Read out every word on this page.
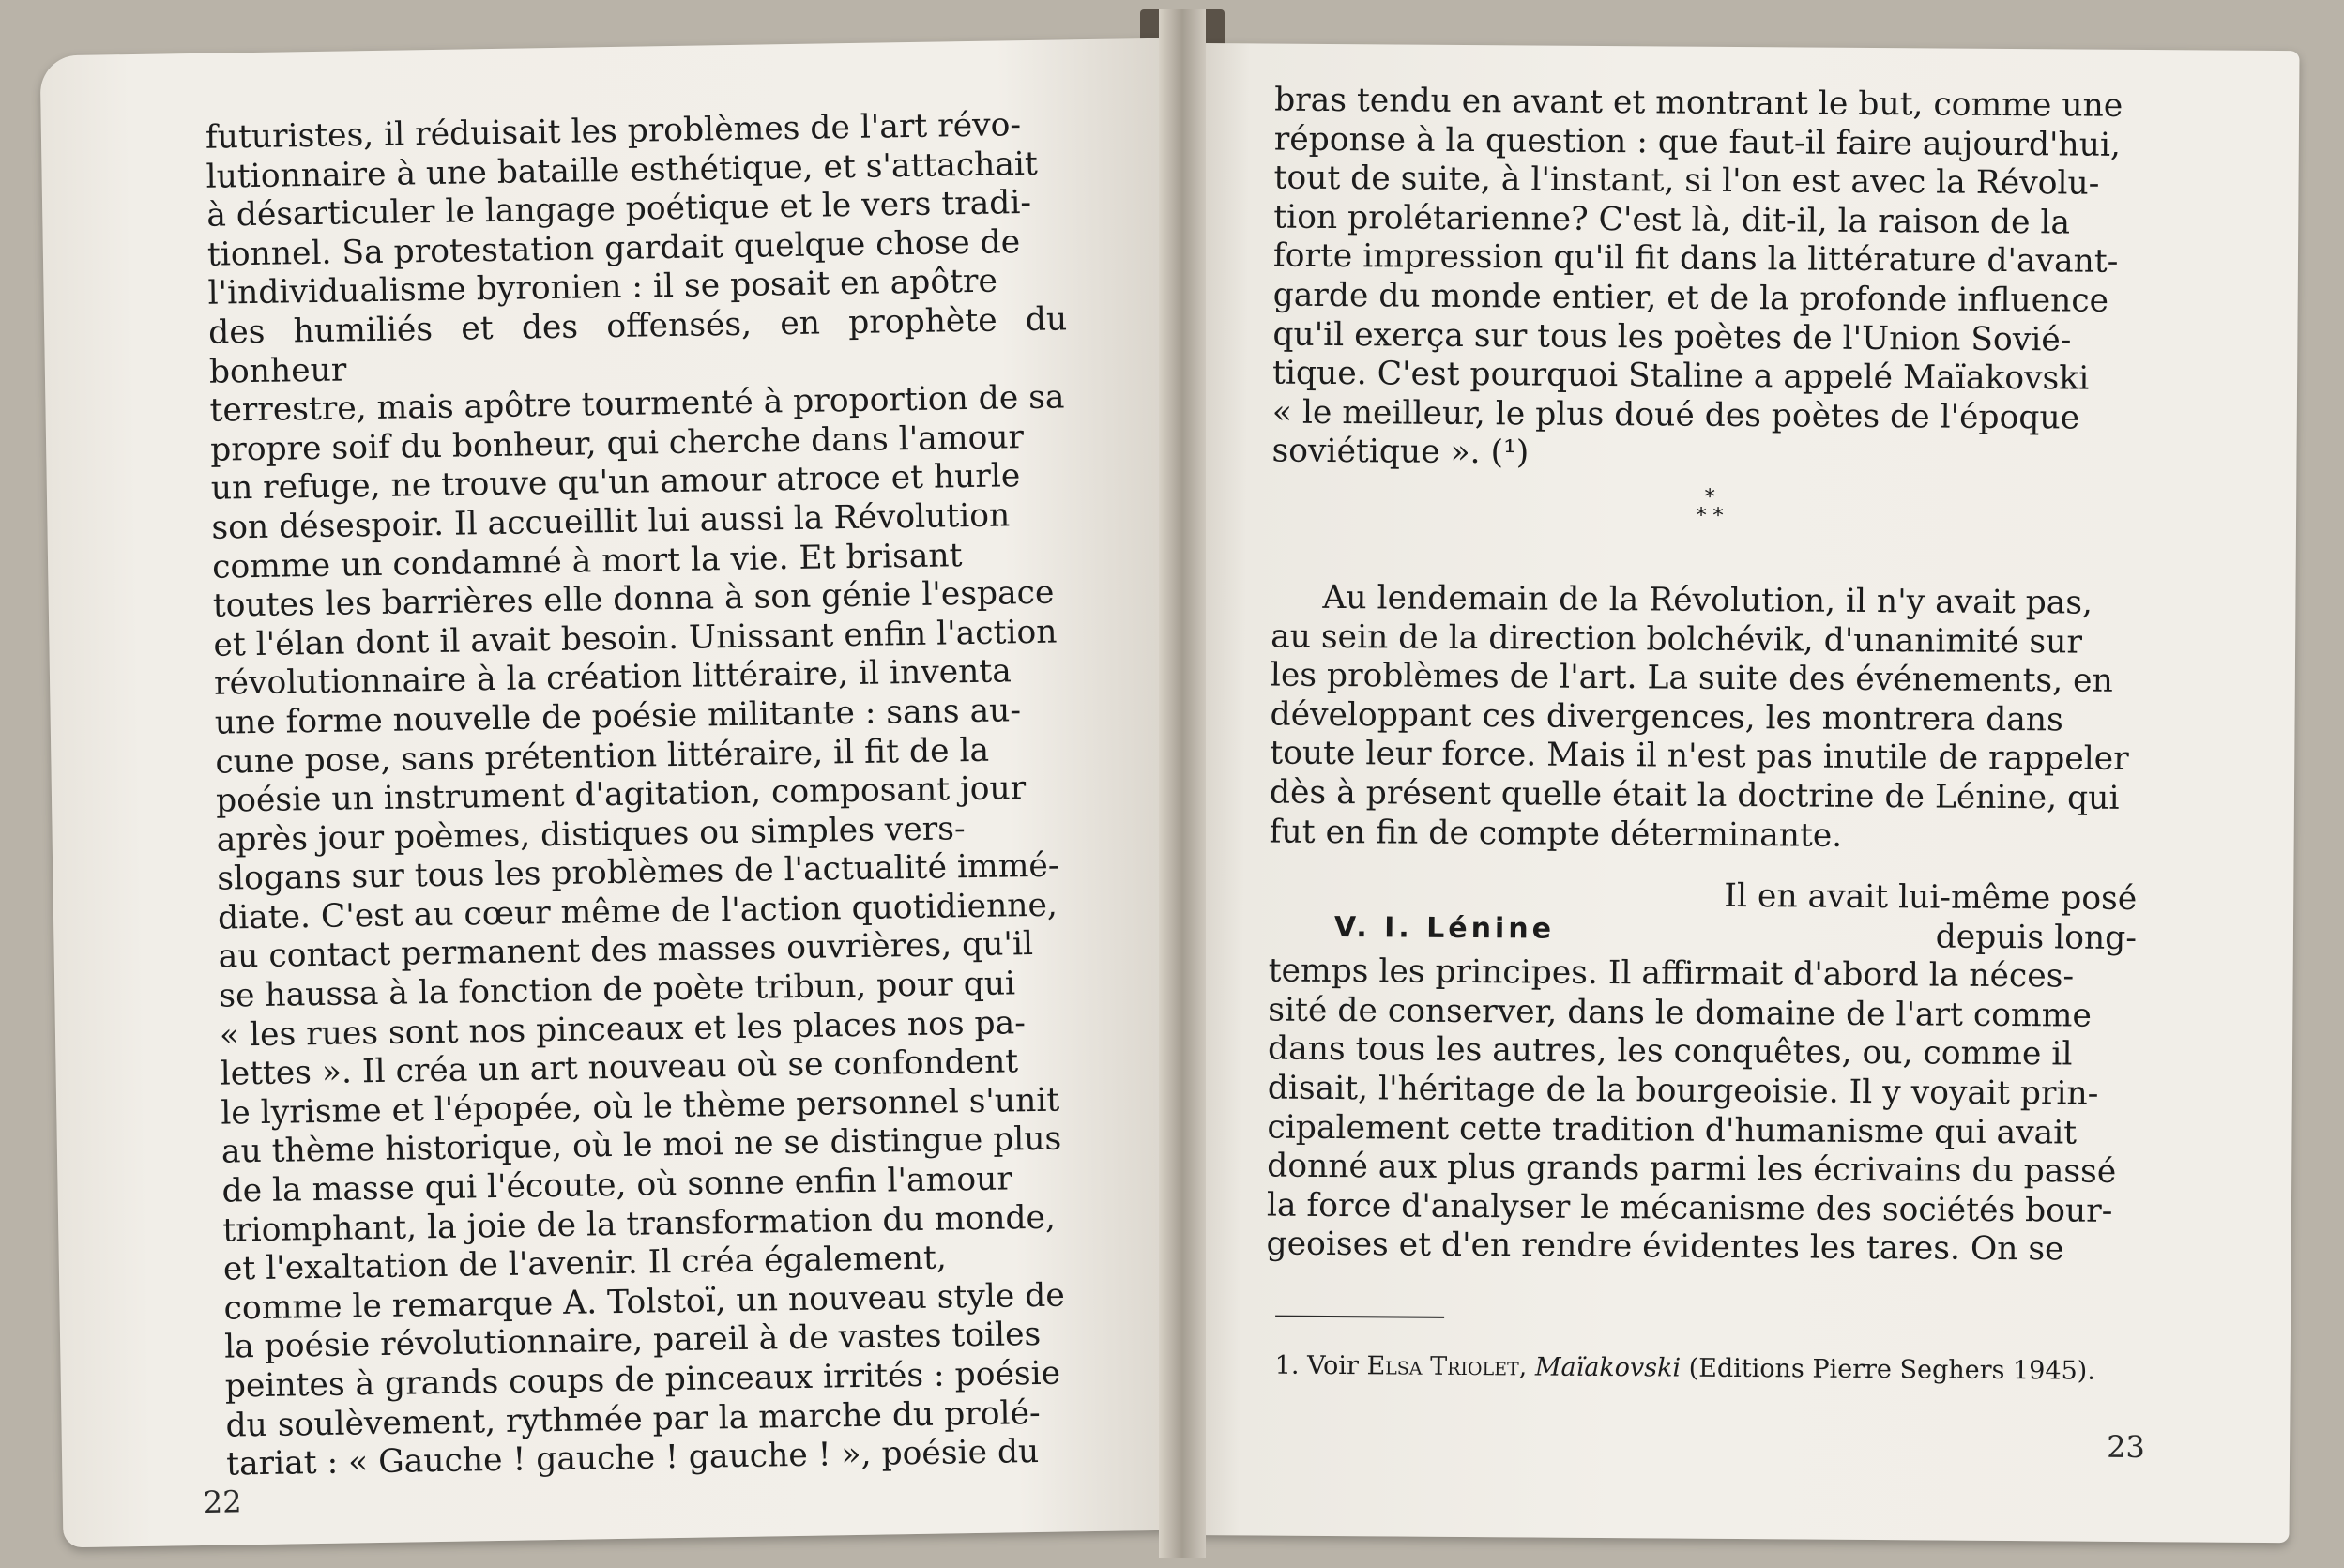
futuristes, il réduisait les problèmes de l'art révo-

lutionnaire à une bataille esthétique, et s'attachait

à désarticuler le langage poétique et le vers tradi-

tionnel. Sa protestation gardait quelque chose de

l'individualisme byronien : il se posait en apôtre

des humiliés et des offensés, en prophète du bonheur

terrestre, mais apôtre tourmenté à proportion de sa

propre soif du bonheur, qui cherche dans l'amour

un refuge, ne trouve qu'un amour atroce et hurle

son désespoir. Il accueillit lui aussi la Révolution

comme un condamné à mort la vie. Et brisant

toutes les barrières elle donna à son génie l'espace

et l'élan dont il avait besoin. Unissant enfin l'action

révolutionnaire à la création littéraire, il inventa

une forme nouvelle de poésie militante : sans au-

cune pose, sans prétention littéraire, il fit de la

poésie un instrument d'agitation, composant jour

après jour poèmes, distiques ou simples vers-

slogans sur tous les problèmes de l'actualité immé-

diate. C'est au cœur même de l'action quotidienne,

au contact permanent des masses ouvrières, qu'il

se haussa à la fonction de poète tribun, pour qui

« les rues sont nos pinceaux et les places nos pa-

lettes ». Il créa un art nouveau où se confondent

le lyrisme et l'épopée, où le thème personnel s'unit

au thème historique, où le moi ne se distingue plus

de la masse qui l'écoute, où sonne enfin l'amour

triomphant, la joie de la transformation du monde,

et l'exaltation de l'avenir. Il créa également,

comme le remarque A. Tolstoï, un nouveau style de

la poésie révolutionnaire, pareil à de vastes toiles

peintes à grands coups de pinceaux irrités : poésie

du soulèvement, rythmée par la marche du prolé-

tariat : « Gauche ! gauche ! gauche ! », poésie du

22

bras tendu en avant et montrant le but, comme une

réponse à la question : que faut-il faire aujourd'hui,

tout de suite, à l'instant, si l'on est avec la Révolu-

tion prolétarienne? C'est là, dit-il, la raison de la

forte impression qu'il fit dans la littérature d'avant-

garde du monde entier, et de la profonde influence

qu'il exerça sur tous les poètes de l'Union Sovié-

tique. C'est pourquoi Staline a appelé Maïakovski

« le meilleur, le plus doué des poètes de l'époque

soviétique ». (¹)

* *
*

Au lendemain de la Révolution, il n'y avait pas,

au sein de la direction bolchévik, d'unanimité sur

les problèmes de l'art. La suite des événements, en

développant ces divergences, les montrera dans

toute leur force. Mais il n'est pas inutile de rappeler

dès à présent quelle était la doctrine de Lénine, qui

fut en fin de compte déterminante.

V. I. Lénine

Il en avait lui-même posé depuis long-

temps les principes. Il affirmait d'abord la néces-

sité de conserver, dans le domaine de l'art comme

dans tous les autres, les conquêtes, ou, comme il

disait, l'héritage de la bourgeoisie. Il y voyait prin-

cipalement cette tradition d'humanisme qui avait

donné aux plus grands parmi les écrivains du passé

la force d'analyser le mécanisme des sociétés bour-

geoises et d'en rendre évidentes les tares. On se

1. Voir Elsa Triolet, Maïakovski (Editions Pierre Seghers 1945).
23
